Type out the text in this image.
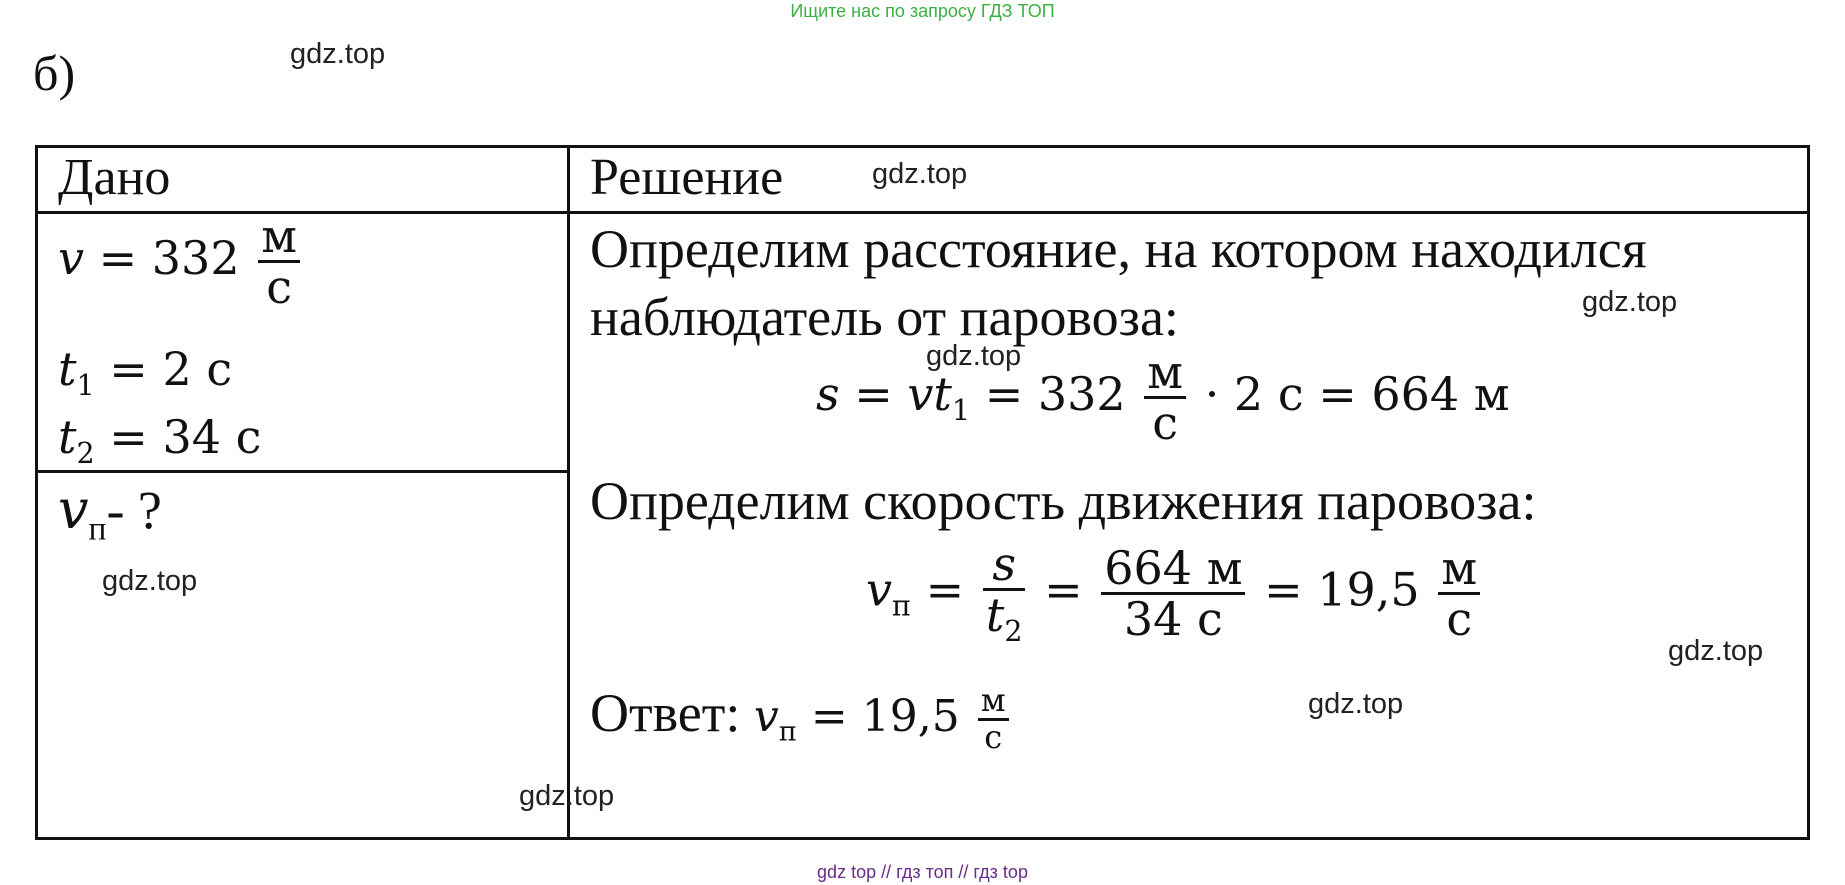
Ищите нас по запросу ГДЗ ТОП
б)	gdz.top
Дано	Решение	gdz.top
$v = 332 \frac{м}{с}$
$t_1 = 2$ с
$t_2 = 34$ с
$v_п-$ ?
gdz.top
Определим расстояние, на котором находился
gdz.top
наблюдатель от паровоза:
gdz.top
$s = vt_1 = 332 \frac{м}{с} \cdot 2$ с = 664 м
Определим скорость движения паровоза:
$v_п = \frac{s}{t_2} = \frac{664 м}{34 с} = 19,5 \frac{м}{с}$
gdz.top
Ответ: $v_п = 19,5 \frac{м}{с}$	gdz.top
gdz.top
gdz top // гдз топ // гдз top
